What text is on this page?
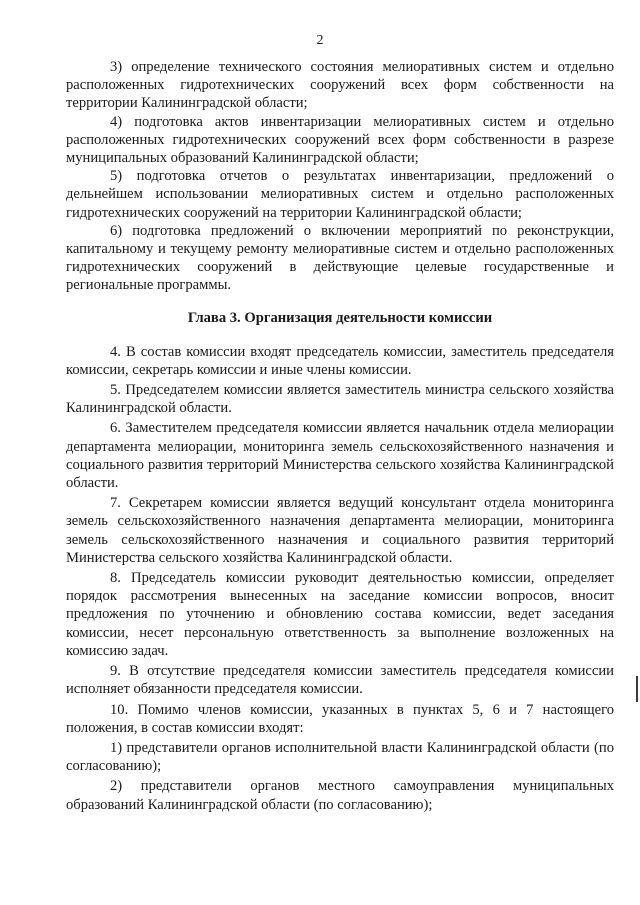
2

3) определение технического состояния мелиоративных систем и отдельно расположенных гидротехнических сооружений всех форм собственности на территории Калининградской области;

4) подготовка актов инвентаризации мелиоративных систем и отдельно расположенных гидротехнических сооружений всех форм собственности в разрезе муниципальных образований Калининградской области;

5) подготовка отчетов о результатах инвентаризации, предложений о дельнейшем использовании мелиоративных систем и отдельно расположенных гидротехнических сооружений на территории Калининградской области;

6) подготовка предложений о включении мероприятий по реконструкции, капитальному и текущему ремонту мелиоративные систем и отдельно расположенных гидротехнических сооружений в действующие целевые государственные и региональные программы.

Глава 3. Организация деятельности комиссии

4. В состав комиссии входят председатель комиссии, заместитель председателя комиссии, секретарь комиссии и иные члены комиссии.

5. Председателем комиссии является заместитель министра сельского хозяйства Калининградской области.

6. Заместителем председателя комиссии является начальник отдела мелиорации департамента мелиорации, мониторинга земель сельскохозяйственного назначения и социального развития территорий Министерства сельского хозяйства Калининградской области.

7. Секретарем комиссии является ведущий консультант отдела мониторинга земель сельскохозяйственного назначения департамента мелиорации, мониторинга земель сельскохозяйственного назначения и социального развития территорий Министерства сельского хозяйства Калининградской области.

8. Председатель комиссии руководит деятельностью комиссии, определяет порядок рассмотрения вынесенных на заседание комиссии вопросов, вносит предложения по уточнению и обновлению состава комиссии, ведет заседания комиссии, несет персональную ответственность за выполнение возложенных на комиссию задач.

9. В отсутствие председателя комиссии заместитель председателя комиссии исполняет обязанности председателя комиссии.

10. Помимо членов комиссии, указанных в пунктах 5, 6 и 7 настоящего положения, в состав комиссии входят:

1) представители органов исполнительной власти Калининградской области (по согласованию);

2) представители органов местного самоуправления муниципальных образований Калининградской области (по согласованию);
